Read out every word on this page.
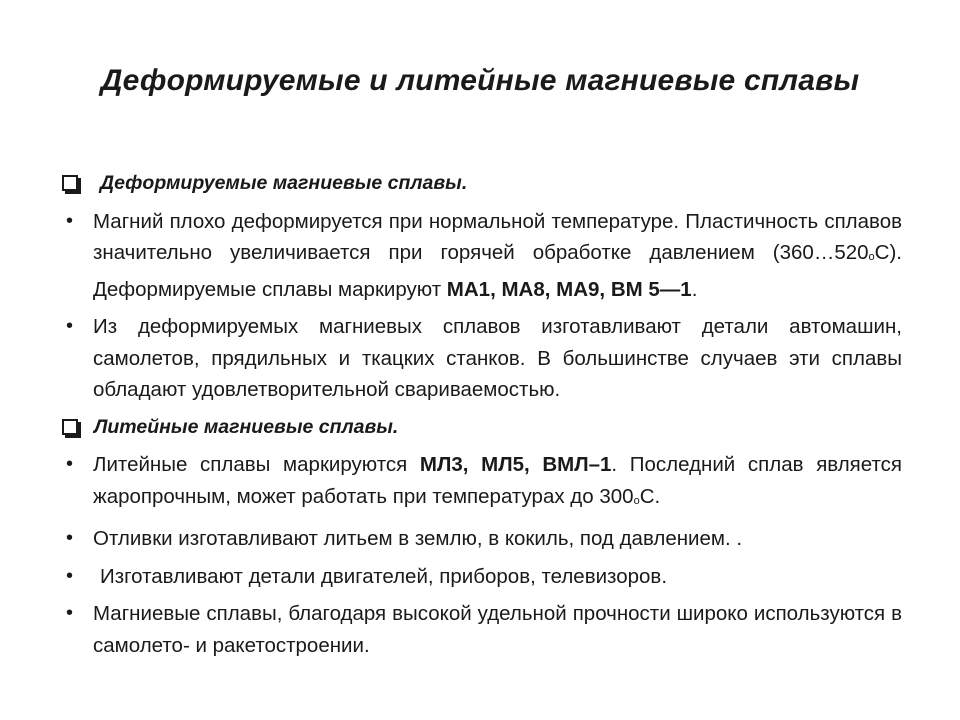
Деформируемые и литейные магниевые сплавы
Деформируемые магниевые сплавы.
• Магний плохо деформируется при нормальной температуре. Пластичность сплавов значительно увеличивается при горячей обработке давлением $(360\dots 520_oС)$. Деформируемые сплавы маркируют МА1, МА8, МА9, ВМ 5—1.
• Из деформируемых магниевых сплавов изготавливают детали автомашин, самолетов, прядильных и ткацких станков. В большинстве случаев эти сплавы обладают удовлетворительной свариваемостью.
Литейные магниевые сплавы.
• Литейные сплавы маркируются МЛ3, МЛ5, ВМЛ–1. Последний сплав является жаропрочным, может работать при температурах до $300_oС$.
• Отливки изготавливают литьем в землю, в кокиль, под давлением. .
• Изготавливают детали двигателей, приборов, телевизоров.
• Магниевые сплавы, благодаря высокой удельной прочности широко используются в самолето- и ракетостроении.
